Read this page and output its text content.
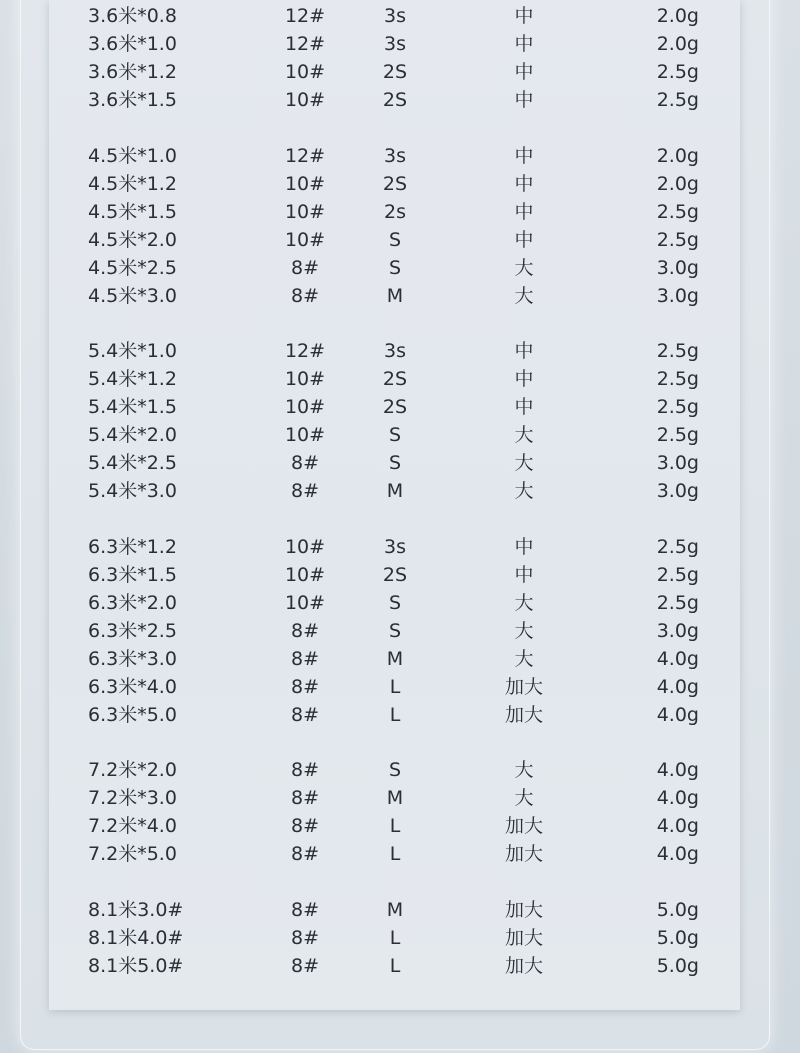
3.6米*0.8	12#	3s	中	2.0g
3.6米*1.0	12#	3s	中	2.0g
3.6米*1.2	10#	2S	中	2.5g
3.6米*1.5	10#	2S	中	2.5g
4.5米*1.0	12#	3s	中	2.0g
4.5米*1.2	10#	2S	中	2.0g
4.5米*1.5	10#	2s	中	2.5g
4.5米*2.0	10#	S	中	2.5g
4.5米*2.5	8#	S	大	3.0g
4.5米*3.0	8#	M	大	3.0g
5.4米*1.0	12#	3s	中	2.5g
5.4米*1.2	10#	2S	中	2.5g
5.4米*1.5	10#	2S	中	2.5g
5.4米*2.0	10#	S	大	2.5g
5.4米*2.5	8#	S	大	3.0g
5.4米*3.0	8#	M	大	3.0g
6.3米*1.2	10#	3s	中	2.5g
6.3米*1.5	10#	2S	中	2.5g
6.3米*2.0	10#	S	大	2.5g
6.3米*2.5	8#	S	大	3.0g
6.3米*3.0	8#	M	大	4.0g
6.3米*4.0	8#	L	加大	4.0g
6.3米*5.0	8#	L	加大	4.0g
7.2米*2.0	8#	S	大	4.0g
7.2米*3.0	8#	M	大	4.0g
7.2米*4.0	8#	L	加大	4.0g
7.2米*5.0	8#	L	加大	4.0g
8.1米3.0#	8#	M	加大	5.0g
8.1米4.0#	8#	L	加大	5.0g
8.1米5.0#	8#	L	加大	5.0g
